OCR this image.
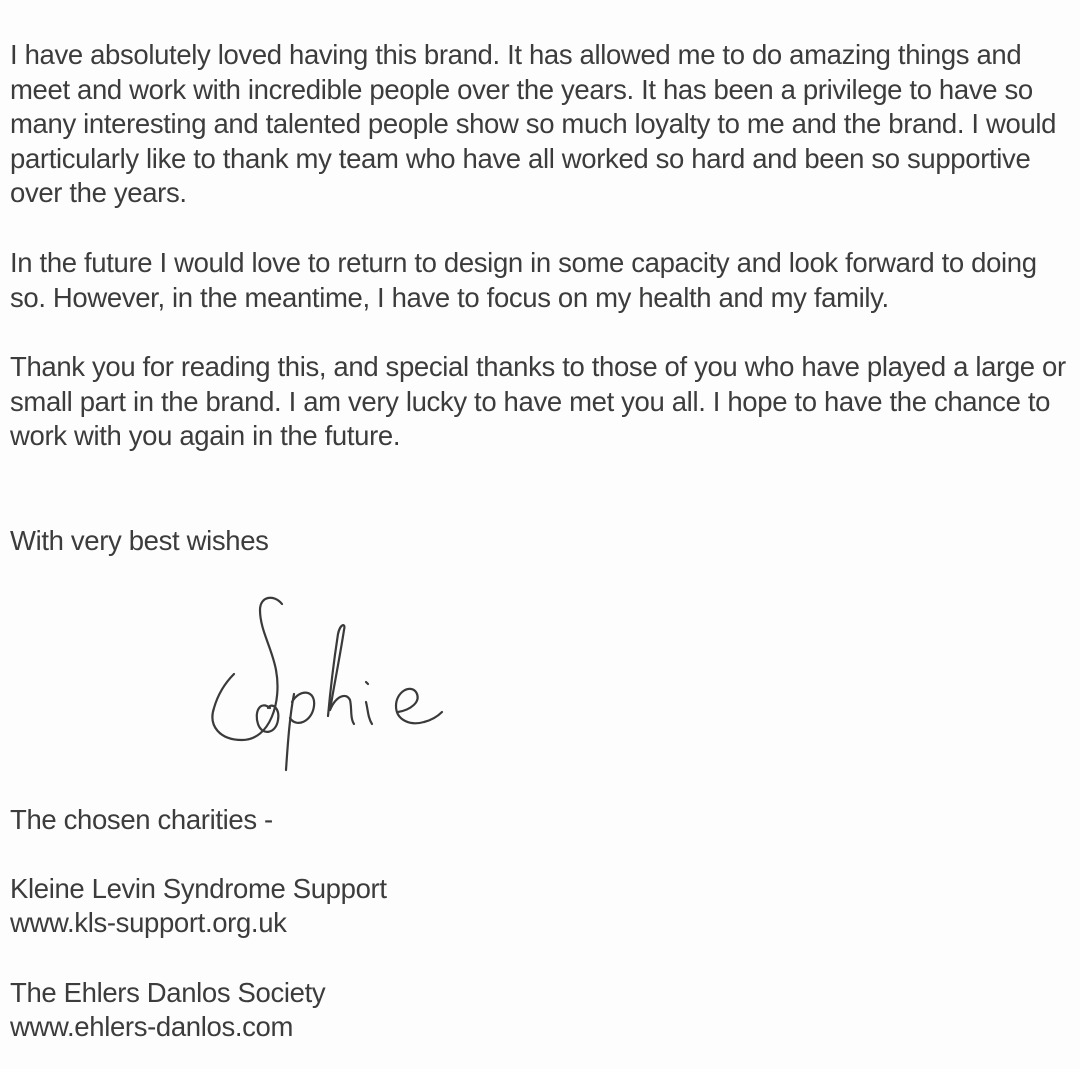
I have absolutely loved having this brand. It has allowed me to do amazing things and meet and work with incredible people over the years. It has been a privilege to have so many interesting and talented people show so much loyalty to me and the brand. I would particularly like to thank my team who have all worked so hard and been so supportive over the years.

In the future I would love to return to design in some capacity and look forward to doing so. However, in the meantime, I have to focus on my health and my family.

Thank you for reading this, and special thanks to those of you who have played a large or small part in the brand. I am very lucky to have met you all. I hope to have the chance to work with you again in the future.

With very best wishes

The chosen charities -

Kleine Levin Syndrome Support

www.kls-support.org.uk

The Ehlers Danlos Society

www.ehlers-danlos.com
